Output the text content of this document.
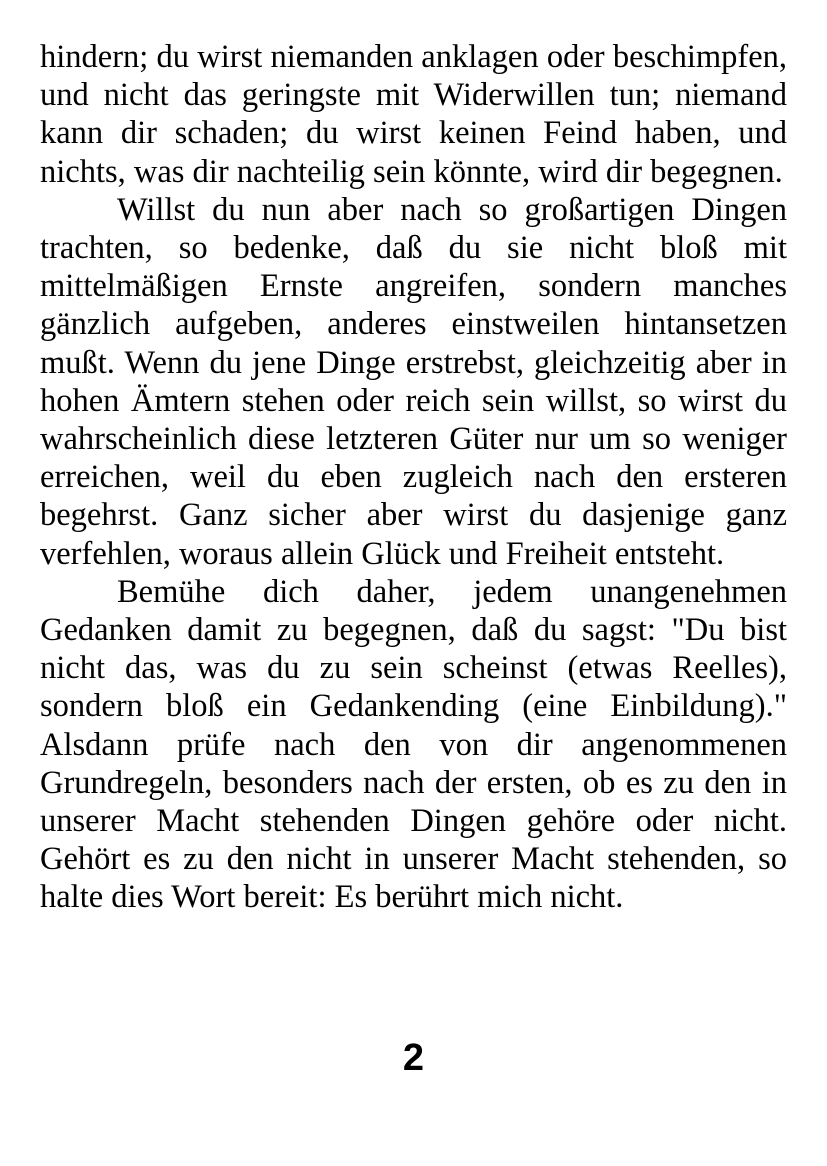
hindern; du wirst niemanden anklagen oder beschimpfen, und nicht das geringste mit Widerwillen tun; niemand kann dir schaden; du wirst keinen Feind haben, und nichts, was dir nachteilig sein könnte, wird dir begegnen.

Willst du nun aber nach so großartigen Dingen trachten, so bedenke, daß du sie nicht bloß mit mittelmäßigen Ernste angreifen, sondern manches gänzlich aufgeben, anderes einstweilen hintansetzen mußt. Wenn du jene Dinge erstrebst, gleichzeitig aber in hohen Ämtern stehen oder reich sein willst, so wirst du wahrscheinlich diese letzteren Güter nur um so weniger erreichen, weil du eben zugleich nach den ersteren begehrst. Ganz sicher aber wirst du dasjenige ganz verfehlen, woraus allein Glück und Freiheit entsteht.

Bemühe dich daher, jedem unangenehmen Gedanken damit zu begegnen, daß du sagst: "Du bist nicht das, was du zu sein scheinst (etwas Reelles), sondern bloß ein Gedankending (eine Einbildung)." Alsdann prüfe nach den von dir angenommenen Grundregeln, besonders nach der ersten, ob es zu den in unserer Macht stehenden Dingen gehöre oder nicht. Gehört es zu den nicht in unserer Macht stehenden, so halte dies Wort bereit: Es berührt mich nicht.

2
